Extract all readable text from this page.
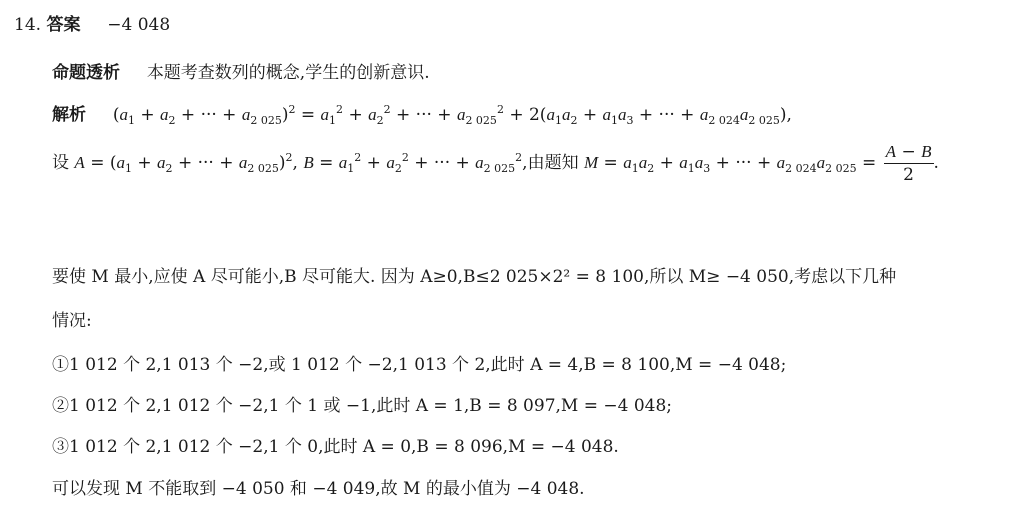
14. 答案 −4 048
命题透析 本题考查数列的概念,学生的创新意识.
解析 ($a_1 + a_2$ + ··· + $a_{2 025})^2 = a_1^2 + a_2^2$ + ··· + $a_{2 025}^2 + 2(a_1a_2 + a_1a_3$ + ··· + $a_{2 024}a_{2 025}$),
设 $A = (a_1 + a_2$ + ··· + $a_{2 025})^2$, $B = a_1^2 + a_2^2$ + ··· + $a_{2 025}^2$,由题知 $M = a_1a_2 + a_1a_3$ + ··· + $a_{2 024}a_{2 025} = \frac{A - B}{2}$ .
要使 M 最小,应使 A 尽可能小,B 尽可能大. 因为 A≥0,B≤2 025×2² = 8 100,所以 M≥ −4 050,考虑以下几种
情况:
①1 012 个 2,1 013 个 −2,或 1 012 个 −2,1 013 个 2,此时 A = 4,B = 8 100,M = −4 048;
②1 012 个 2,1 012 个 −2,1 个 1 或 −1,此时 A = 1,B = 8 097,M = −4 048;
③1 012 个 2,1 012 个 −2,1 个 0,此时 A = 0,B = 8 096,M = −4 048.
可以发现 M 不能取到 −4 050 和 −4 049,故 M 的最小值为 −4 048.
